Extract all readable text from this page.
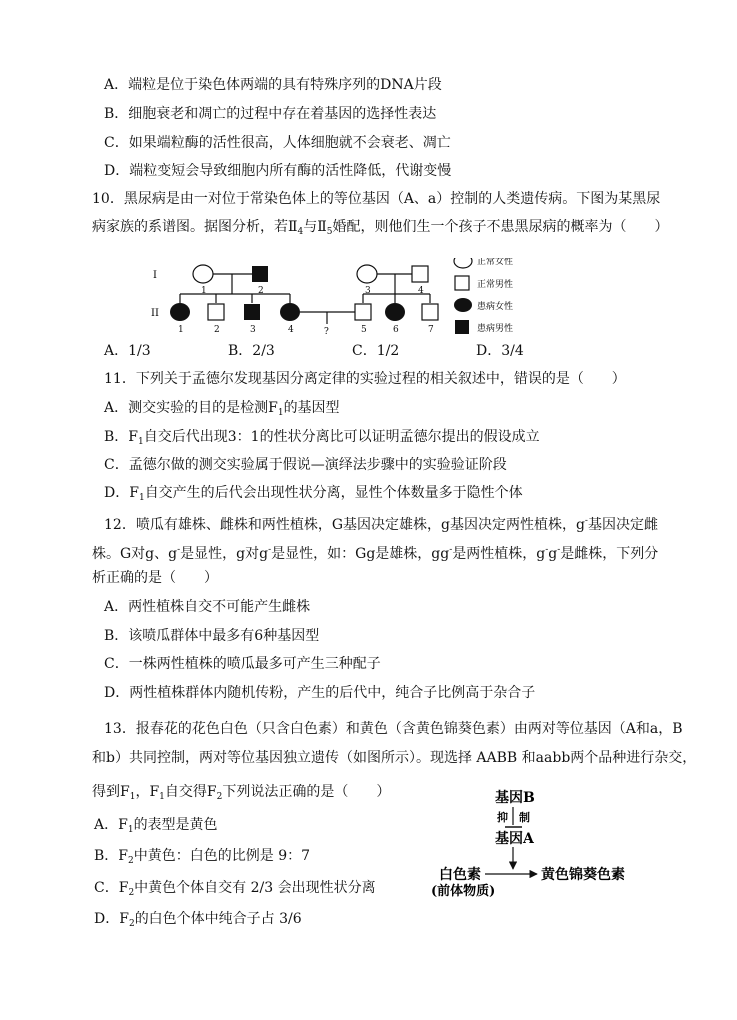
A．端粒是位于染色体两端的具有特殊序列的DNA片段
B．细胞衰老和凋亡的过程中存在着基因的选择性表达
C．如果端粒酶的活性很高，人体细胞就不会衰老、凋亡
D．端粒变短会导致细胞内所有酶的活性降低，代谢变慢
10．黑尿病是由一对位于常染色体上的等位基因（A、a）控制的人类遗传病。下图为某黑尿
病家族的系谱图。据图分析，若$Ⅱ_4$与$Ⅱ_5$婚配，则他们生一个孩子不患黑尿病的概率为（　　）
I
II
?
1	2	3	4
1	2	3	4	5	6	7
正常女性
正常男性
患病女性
患病男性
A．1/3	B．2/3	C．1/2	D．3/4
11．下列关于孟德尔发现基因分离定律的实验过程的相关叙述中，错误的是（　　）
A．测交实验的目的是检测$F_1$的基因型
B．$F_1$自交后代出现3：1的性状分离比可以证明孟德尔提出的假设成立
C．孟德尔做的测交实验属于假说—演绎法步骤中的实验验证阶段
D．$F_1$自交产生的后代会出现性状分离，显性个体数量多于隐性个体
12．喷瓜有雄株、雌株和两性植株，G基因决定雄株，g基因决定两性植株，g-基因决定雌
株。G对g、g-是显性，g对g-是显性，如：Gg是雄株，gg-是两性植株，g-g-是雌株，下列分
析正确的是（　　）
A．两性植株自交不可能产生雌株
B．该喷瓜群体中最多有6种基因型
C．一株两性植株的喷瓜最多可产生三种配子
D．两性植株群体内随机传粉，产生的后代中，纯合子比例高于杂合子
13．报春花的花色白色（只含白色素）和黄色（含黄色锦葵色素）由两对等位基因（A和a，B
和b）共同控制，两对等位基因独立遗传（如图所示）。现选择 AABB 和aabb两个品种进行杂交，
得到$F_1$，$F_1$自交得$F_2$下列说法正确的是（　　）
A．$F_1$的表型是黄色
B．$F_2$中黄色：白色的比例是 9：7
C．$F_2$中黄色个体自交有 2/3 会出现性状分离
D．$F_2$的白色个体中纯合子占 3/6
基因B
抑　制
基因A
白色素
(前体物质)
黄色锦葵色素
